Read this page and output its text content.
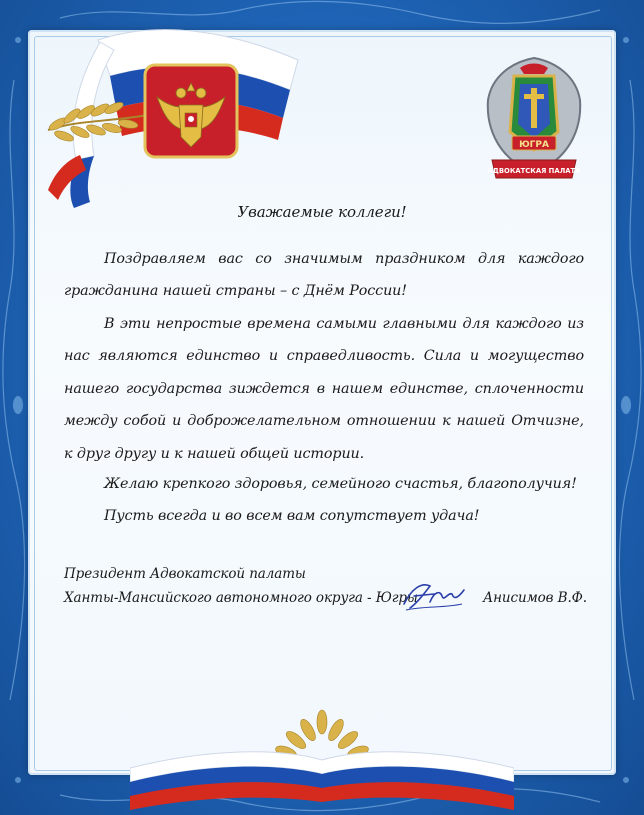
ЮГРА
АДВОКАТСКАЯ ПАЛАТА
Уважаемые коллеги!
Поздравляем вас со значимым праздником для каждого гражданина нашей страны – с Днём России!
В эти непростые времена самыми главными для каждого из нас являются единство и справедливость. Сила и могущество нашего государства зиждется в нашем единстве, сплоченности между собой и доброжелательном отношении к нашей Отчизне, к друг другу и к нашей общей истории.
Желаю крепкого здоровья, семейного счастья, благополучия!
Пусть всегда и во всем вам сопутствует удача!
Президент Адвокатской палаты
Ханты-Мансийского автономного округа - Югры	Анисимов В.Ф.
